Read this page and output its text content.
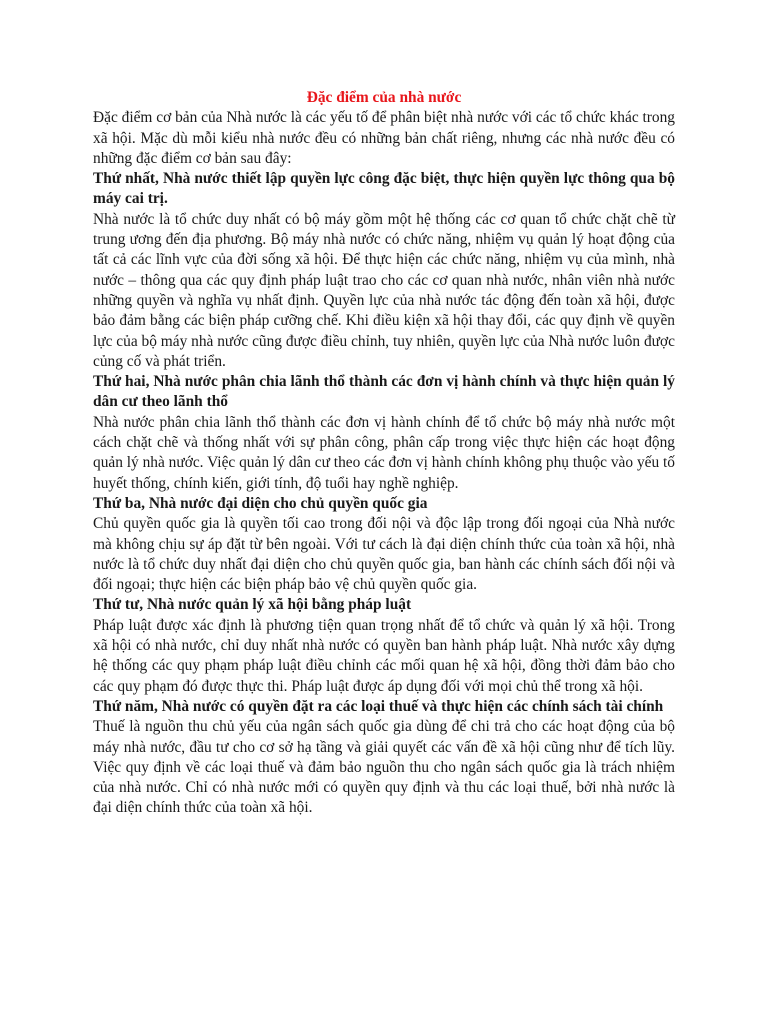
Đặc điểm của nhà nước

Đặc điểm cơ bản của Nhà nước là các yếu tố để phân biệt nhà nước với các tổ chức khác trong xã hội. Mặc dù mỗi kiểu nhà nước đều có những bản chất riêng, nhưng các nhà nước đều có những đặc điểm cơ bản sau đây:

Thứ nhất, Nhà nước thiết lập quyền lực công đặc biệt, thực hiện quyền lực thông qua bộ máy cai trị.

Nhà nước là tổ chức duy nhất có bộ máy gồm một hệ thống các cơ quan tổ chức chặt chẽ từ trung ương đến địa phương. Bộ máy nhà nước có chức năng, nhiệm vụ quản lý hoạt động của tất cả các lĩnh vực của đời sống xã hội. Để thực hiện các chức năng, nhiệm vụ của mình, nhà nước – thông qua các quy định pháp luật trao cho các cơ quan nhà nước, nhân viên nhà nước những quyền và nghĩa vụ nhất định. Quyền lực của nhà nước tác động đến toàn xã hội, được bảo đảm bằng các biện pháp cưỡng chế. Khi điều kiện xã hội thay đổi, các quy định về quyền lực của bộ máy nhà nước cũng được điều chỉnh, tuy nhiên, quyền lực của Nhà nước luôn được củng cố và phát triển.

Thứ hai, Nhà nước phân chia lãnh thổ thành các đơn vị hành chính và thực hiện quản lý dân cư theo lãnh thổ

Nhà nước phân chia lãnh thổ thành các đơn vị hành chính để tổ chức bộ máy nhà nước một cách chặt chẽ và thống nhất với sự phân công, phân cấp trong việc thực hiện các hoạt động quản lý nhà nước. Việc quản lý dân cư theo các đơn vị hành chính không phụ thuộc vào yếu tố huyết thống, chính kiến, giới tính, độ tuổi hay nghề nghiệp.

Thứ ba, Nhà nước đại diện cho chủ quyền quốc gia

Chủ quyền quốc gia là quyền tối cao trong đối nội và độc lập trong đối ngoại của Nhà nước mà không chịu sự áp đặt từ bên ngoài. Với tư cách là đại diện chính thức của toàn xã hội, nhà nước là tổ chức duy nhất đại diện cho chủ quyền quốc gia, ban hành các chính sách đối nội và đối ngoại; thực hiện các biện pháp bảo vệ chủ quyền quốc gia.

Thứ tư, Nhà nước quản lý xã hội bằng pháp luật

Pháp luật được xác định là phương tiện quan trọng nhất để tổ chức và quản lý xã hội. Trong xã hội có nhà nước, chỉ duy nhất nhà nước có quyền ban hành pháp luật. Nhà nước xây dựng hệ thống các quy phạm pháp luật điều chỉnh các mối quan hệ xã hội, đồng thời đảm bảo cho các quy phạm đó được thực thi. Pháp luật được áp dụng đối với mọi chủ thể trong xã hội.

Thứ năm, Nhà nước có quyền đặt ra các loại thuế và thực hiện các chính sách tài chính

Thuế là nguồn thu chủ yếu của ngân sách quốc gia dùng để chi trả cho các hoạt động của bộ máy nhà nước, đầu tư cho cơ sở hạ tầng và giải quyết các vấn đề xã hội cũng như để tích lũy. Việc quy định về các loại thuế và đảm bảo nguồn thu cho ngân sách quốc gia là trách nhiệm của nhà nước. Chỉ có nhà nước mới có quyền quy định và thu các loại thuế, bởi nhà nước là đại diện chính thức của toàn xã hội.
